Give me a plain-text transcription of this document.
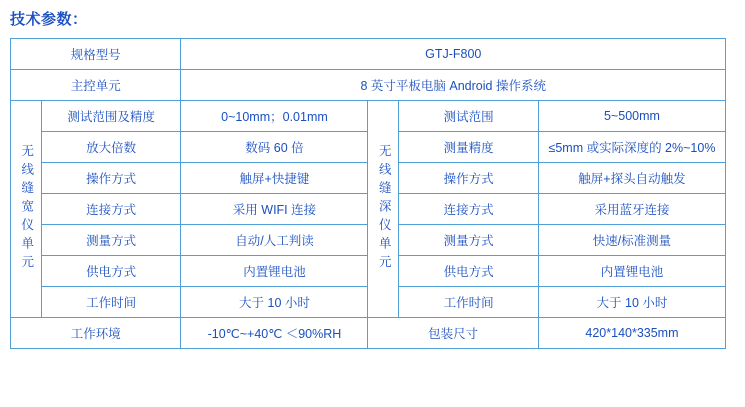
技术参数：
规格型号		GTJ-F800			
主控单元		8 英寸平板电脑 Android 操作系统			
无线缝宽仪单元	测试范围及精度	0~10mm；0.01mm	无线缝深仪单元	测试范围	5~500mm
	放大倍数	数码 60 倍		测量精度	≤5mm 或实际深度的 2%~10%
	操作方式	触屏+快捷键		操作方式	触屏+探头自动触发
	连接方式	采用 WIFI 连接		连接方式	采用蓝牙连接
	测量方式	自动/人工判读		测量方式	快速/标准测量
	供电方式	内置锂电池		供电方式	内置锂电池
	工作时间	大于 10 小时		工作时间	大于 10 小时
工作环境		-10℃~+40℃ ＜90%RH	包装尺寸		420*140*335mm
